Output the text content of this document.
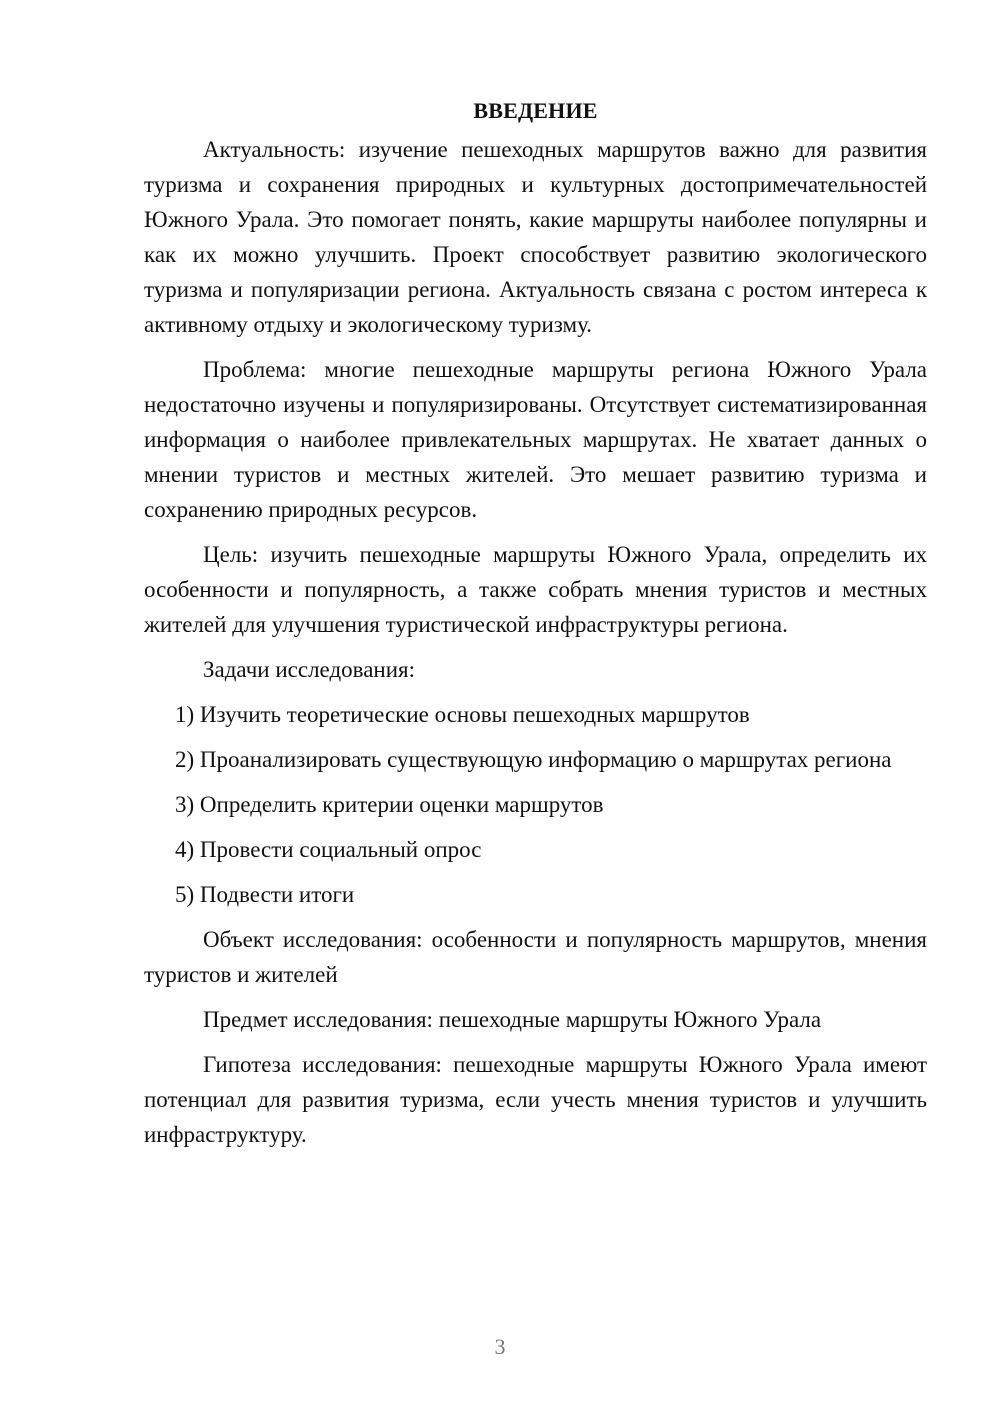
ВВЕДЕНИЕ

Актуальность: изучение пешеходных маршрутов важно для развития туризма и сохранения природных и культурных достопримечательностей Южного Урала. Это помогает понять, какие маршруты наиболее популярны и как их можно улучшить. Проект способствует развитию экологического туризма и популяризации региона. Актуальность связана с ростом интереса к активному отдыху и экологическому туризму.

Проблема: многие пешеходные маршруты региона Южного Урала недостаточно изучены и популяризированы. Отсутствует систематизированная информация о наиболее привлекательных маршрутах. Не хватает данных о мнении туристов и местных жителей. Это мешает развитию туризма и сохранению природных ресурсов.

Цель: изучить пешеходные маршруты Южного Урала, определить их особенности и популярность, а также собрать мнения туристов и местных жителей для улучшения туристической инфраструктуры региона.

Задачи исследования:

1) Изучить теоретические основы пешеходных маршрутов

2) Проанализировать существующую информацию о маршрутах региона

3) Определить критерии оценки маршрутов

4) Провести социальный опрос

5) Подвести итоги

Объект исследования: особенности и популярность маршрутов, мнения туристов и жителей

Предмет исследования: пешеходные маршруты Южного Урала

Гипотеза исследования: пешеходные маршруты Южного Урала имеют потенциал для развития туризма, если учесть мнения туристов и улучшить инфраструктуру.

3
